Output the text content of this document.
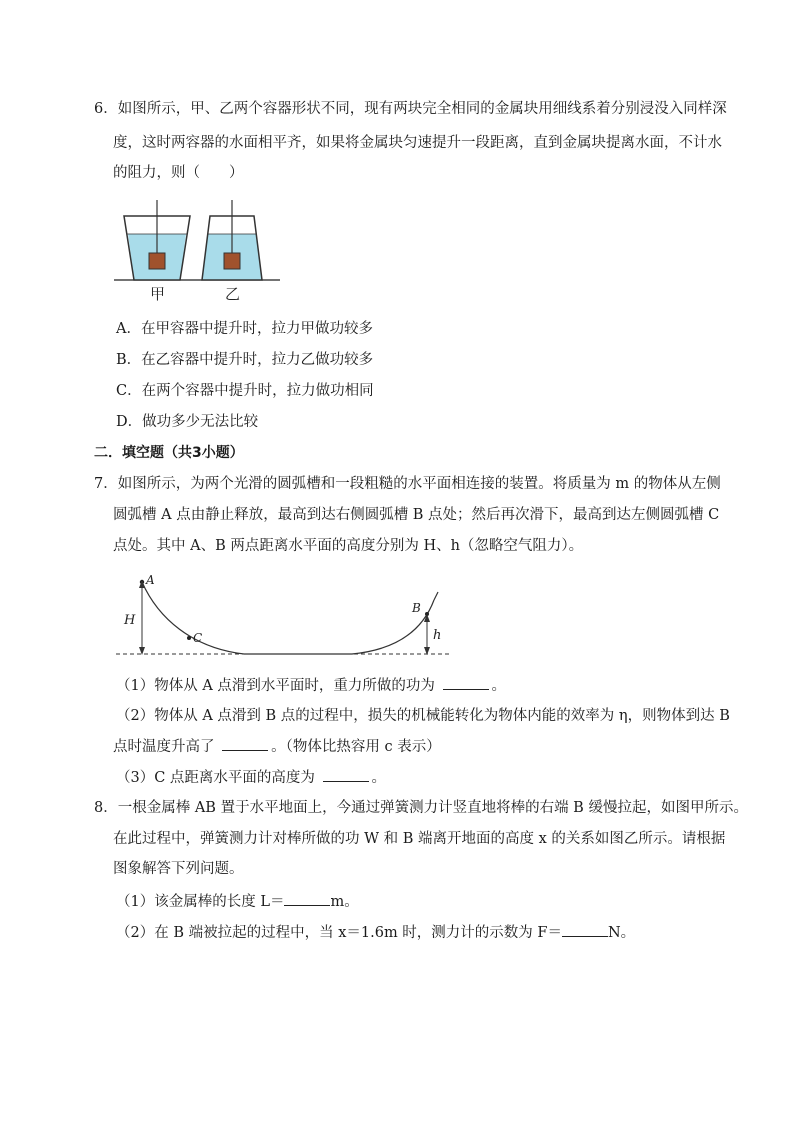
6．如图所示，甲、乙两个容器形状不同，现有两块完全相同的金属块用细线系着分别浸没入同样深
度，这时两容器的水面相平齐，如果将金属块匀速提升一段距离，直到金属块提离水面，不计水
的阻力，则（　　）
甲	乙
A．在甲容器中提升时，拉力甲做功较多
B．在乙容器中提升时，拉力乙做功较多
C．在两个容器中提升时，拉力做功相同
D．做功多少无法比较
二．填空题（共3小题）
7．如图所示，为两个光滑的圆弧槽和一段粗糙的水平面相连接的装置。将质量为 m 的物体从左侧
圆弧槽 A 点由静止释放，最高到达右侧圆弧槽 B 点处；然后再次滑下，最高到达左侧圆弧槽 C
点处。其中 A、B 两点距离水平面的高度分别为 H、h（忽略空气阻力）。
A
B
C
H
h
（1）物体从 A 点滑到水平面时，重力所做的功为	。
（2）物体从 A 点滑到 B 点的过程中，损失的机械能转化为物体内能的效率为 η，则物体到达 B
点时温度升高了	。（物体比热容用 c 表示）
（3）C 点距离水平面的高度为	。
8．一根金属棒 AB 置于水平地面上，今通过弹簧测力计竖直地将棒的右端 B 缓慢拉起，如图甲所示。
在此过程中，弹簧测力计对棒所做的功 W 和 B 端离开地面的高度 x 的关系如图乙所示。请根据
图象解答下列问题。
（1）该金属棒的长度 L＝	m。
（2）在 B 端被拉起的过程中，当 x＝1.6m 时，测力计的示数为 F＝	N。
